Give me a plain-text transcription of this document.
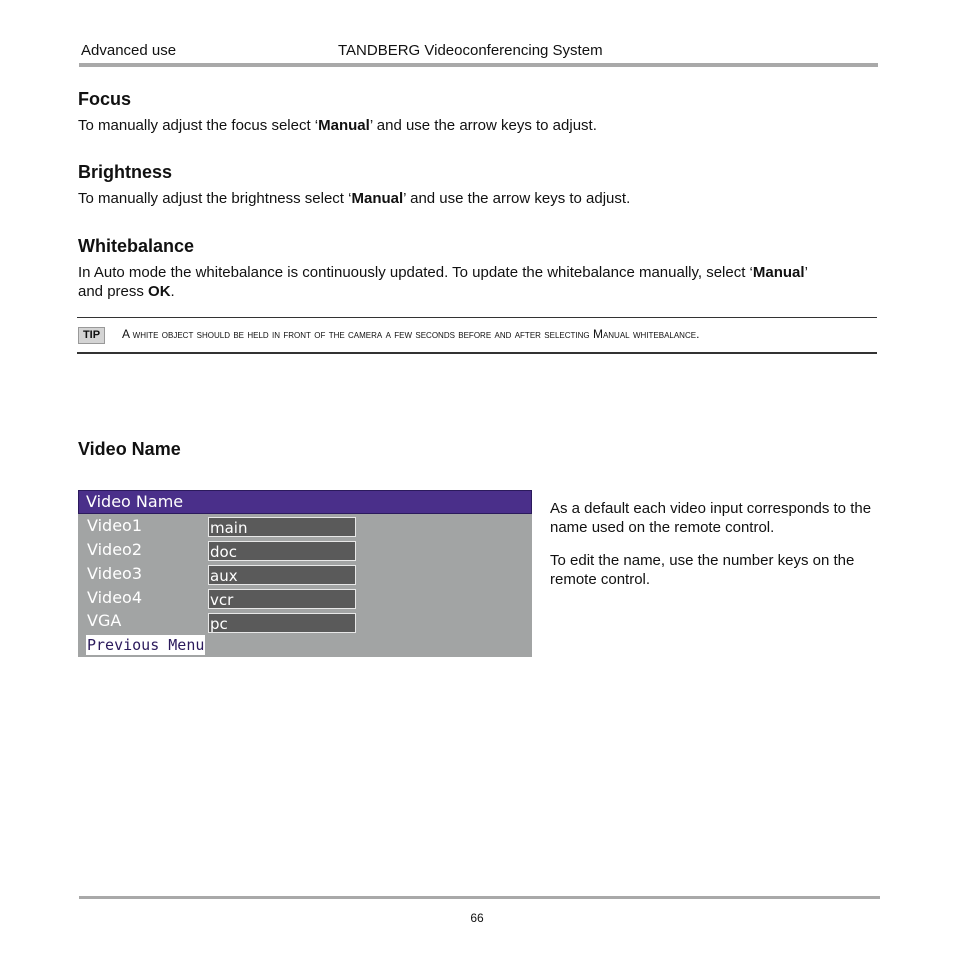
Advanced use	TANDBERG Videoconferencing System
Focus

To manually adjust the focus select ‘Manual’ and use the arrow keys to adjust.

Brightness

To manually adjust the brightness select ‘Manual’ and use the arrow keys to adjust.

Whitebalance

In Auto mode the whitebalance is continuously updated. To update the whitebalance manually, select ‘Manual’
and press OK.

TIP	A white object should be held in front of the camera a few seconds before and after selecting Manual whitebalance.
Video Name
Video Name
Video1	main
Video2	doc
Video3	aux
Video4	vcr
VGA	pc
Previous Menu

As a default each video input corresponds to the name used on the remote control.

To edit the name, use the number keys on the remote control.

66
